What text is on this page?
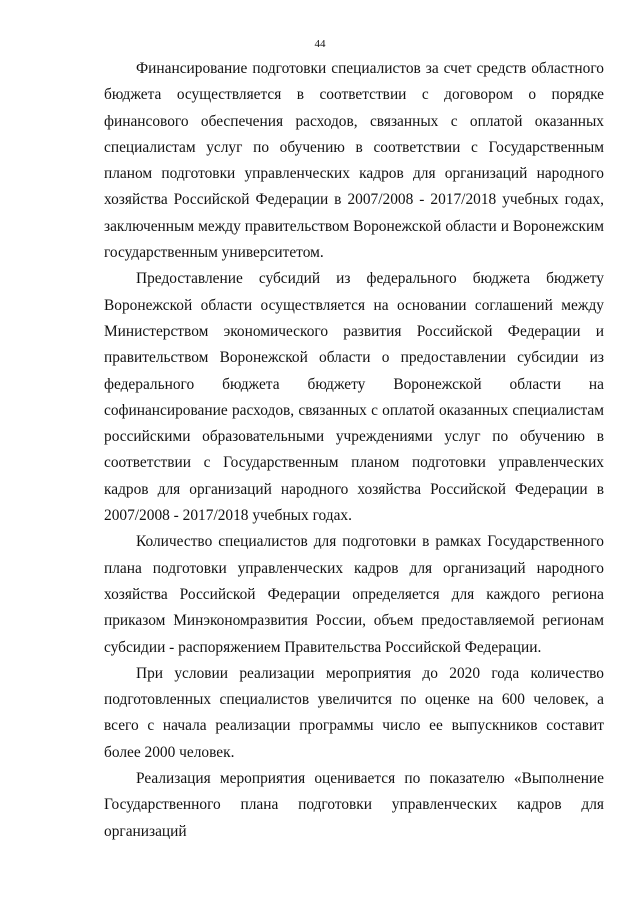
44

Финансирование подготовки специалистов за счет средств областного бюджета осуществляется в соответствии с договором о порядке финансового обеспечения расходов, связанных с оплатой оказанных специалистам услуг по обучению в соответствии с Государственным планом подготовки управленческих кадров для организаций народного хозяйства Российской Федерации в 2007/2008 - 2017/2018 учебных годах, заключенным между правительством Воронежской области и Воронежским государственным университетом.

Предоставление субсидий из федерального бюджета бюджету Воронежской области осуществляется на основании соглашений между Министерством экономического развития Российской Федерации и правительством Воронежской области о предоставлении субсидии из федерального бюджета бюджету Воронежской области на софинансирование расходов, связанных с оплатой оказанных специалистам российскими образовательными учреждениями услуг по обучению в соответствии с Государственным планом подготовки управленческих кадров для организаций народного хозяйства Российской Федерации в 2007/2008 - 2017/2018 учебных годах.

Количество специалистов для подготовки в рамках Государственного плана подготовки управленческих кадров для организаций народного хозяйства Российской Федерации определяется для каждого региона приказом Минэкономразвития России, объем предоставляемой регионам субсидии - распоряжением Правительства Российской Федерации.

При условии реализации мероприятия до 2020 года количество подготовленных специалистов увеличится по оценке на 600 человек, а всего с начала реализации программы число ее выпускников составит более 2000 человек.

Реализация мероприятия оценивается по показателю «Выполнение Государственного плана подготовки управленческих кадров для организаций
